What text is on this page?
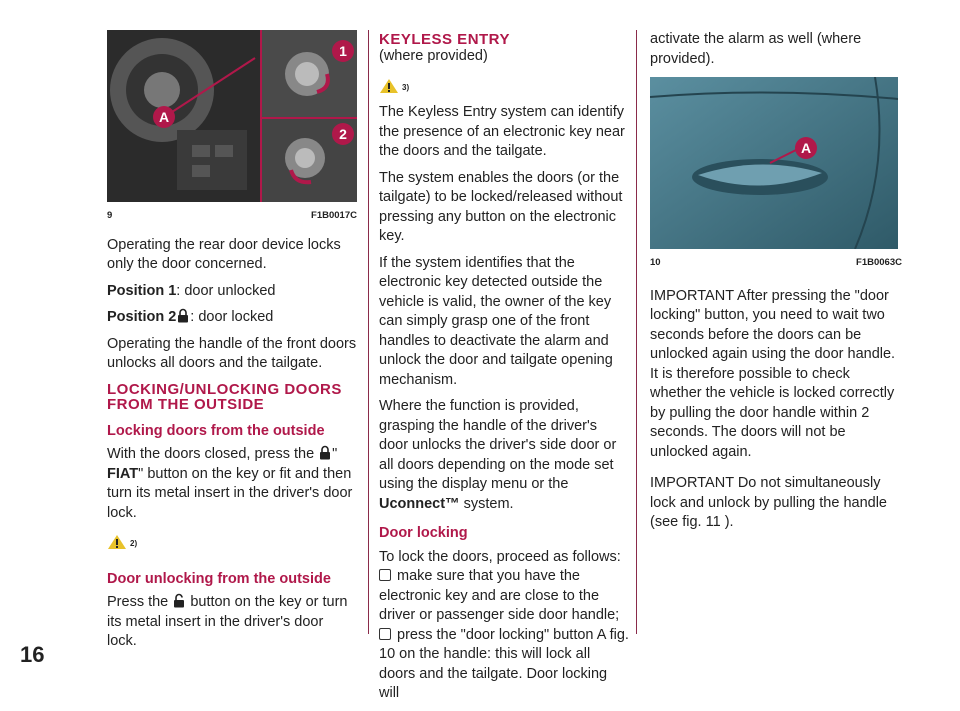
16
A
1
2
9	F1B0017C

Operating the rear door device locks only the door concerned.

Position 1: door unlocked

Position 2 : door locked

Operating the handle of the front doors unlocks all doors and the tailgate.

LOCKING/UNLOCKING DOORS FROM THE OUTSIDE
Locking doors from the outside

With the doors closed, press the " FIAT" button on the key or fit and then turn its metal insert in the driver's door lock.

2)
Door unlocking from the outside

Press the button on the key or turn its metal insert in the driver's door lock.

KEYLESS ENTRY

(where provided)

3)

The Keyless Entry system can identify the presence of an electronic key near the doors and the tailgate.

The system enables the doors (or the tailgate) to be locked/released without pressing any button on the electronic key.

If the system identifies that the electronic key detected outside the vehicle is valid, the owner of the key can simply grasp one of the front handles to deactivate the alarm and unlock the door and tailgate opening mechanism.

Where the function is provided, grasping the handle of the driver's door unlocks the driver's side door or all doors depending on the mode set using the display menu or the Uconnect™ system.

Door locking

To lock the doors, proceed as follows:

make sure that you have the electronic key and are close to the driver or passenger side door handle;

press the "door locking" button A fig. 10 on the handle: this will lock all doors and the tailgate. Door locking will

activate the alarm as well (where provided).

A
10	F1B0063C

IMPORTANT After pressing the "door locking" button, you need to wait two seconds before the doors can be unlocked again using the door handle. It is therefore possible to check whether the vehicle is locked correctly by pulling the door handle within 2 seconds. The doors will not be unlocked again.

IMPORTANT Do not simultaneously lock and unlock by pulling the handle (see fig. 11 ).
